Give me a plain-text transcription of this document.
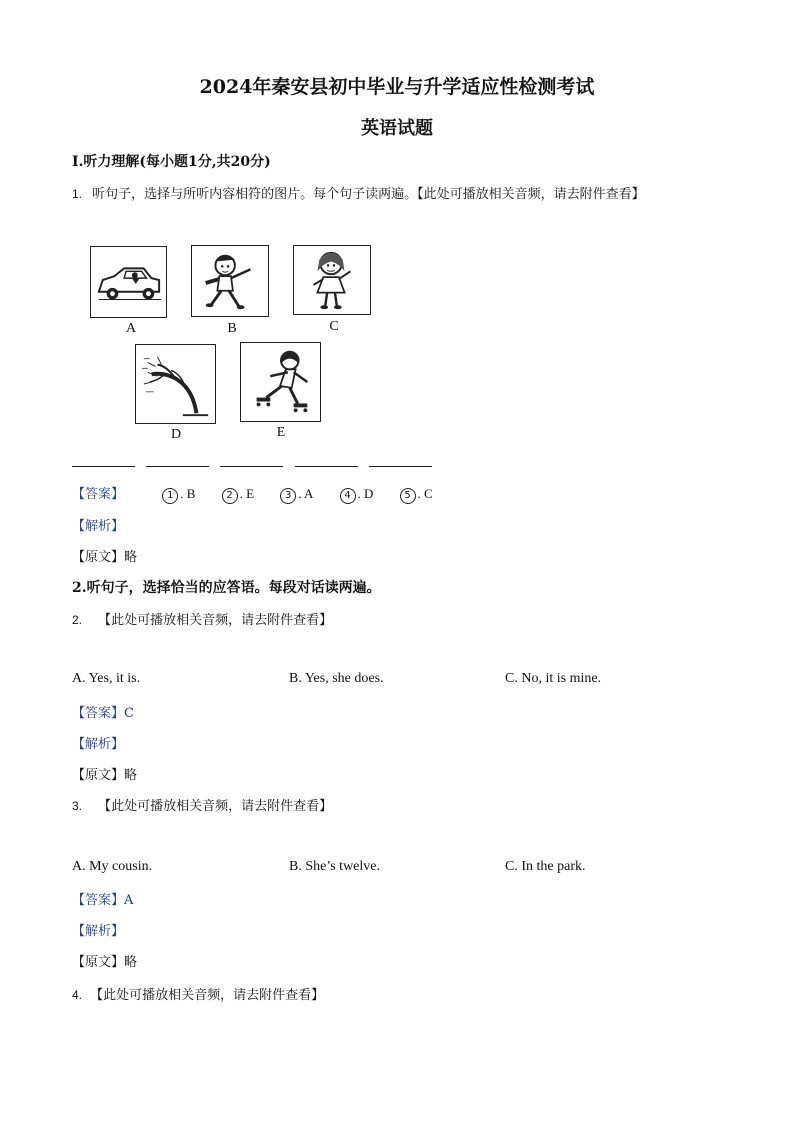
2024年秦安县初中毕业与升学适应性检测考试
英语试题
Ⅰ.听力理解(每小题1分,共20分)
1. 听句子，选择与所听内容相符的图片。每个句子读两遍。【此处可播放相关音频，请去附件查看】
A	B	C
D	E
【答案】	1 . B	2 . E	3 . A	4 . D	5 . C
【解析】
【原文】略
2.听句子，选择恰当的应答语。每段对话读两遍。
2. 【此处可播放相关音频，请去附件查看】
A. Yes, it is.	B. Yes, she does.	C. No, it is mine.
【答案】C
【解析】
【原文】略
3. 【此处可播放相关音频，请去附件查看】
A. My cousin.	B. She’s twelve.	C. In the park.
【答案】A
【解析】
【原文】略
4. 【此处可播放相关音频，请去附件查看】
